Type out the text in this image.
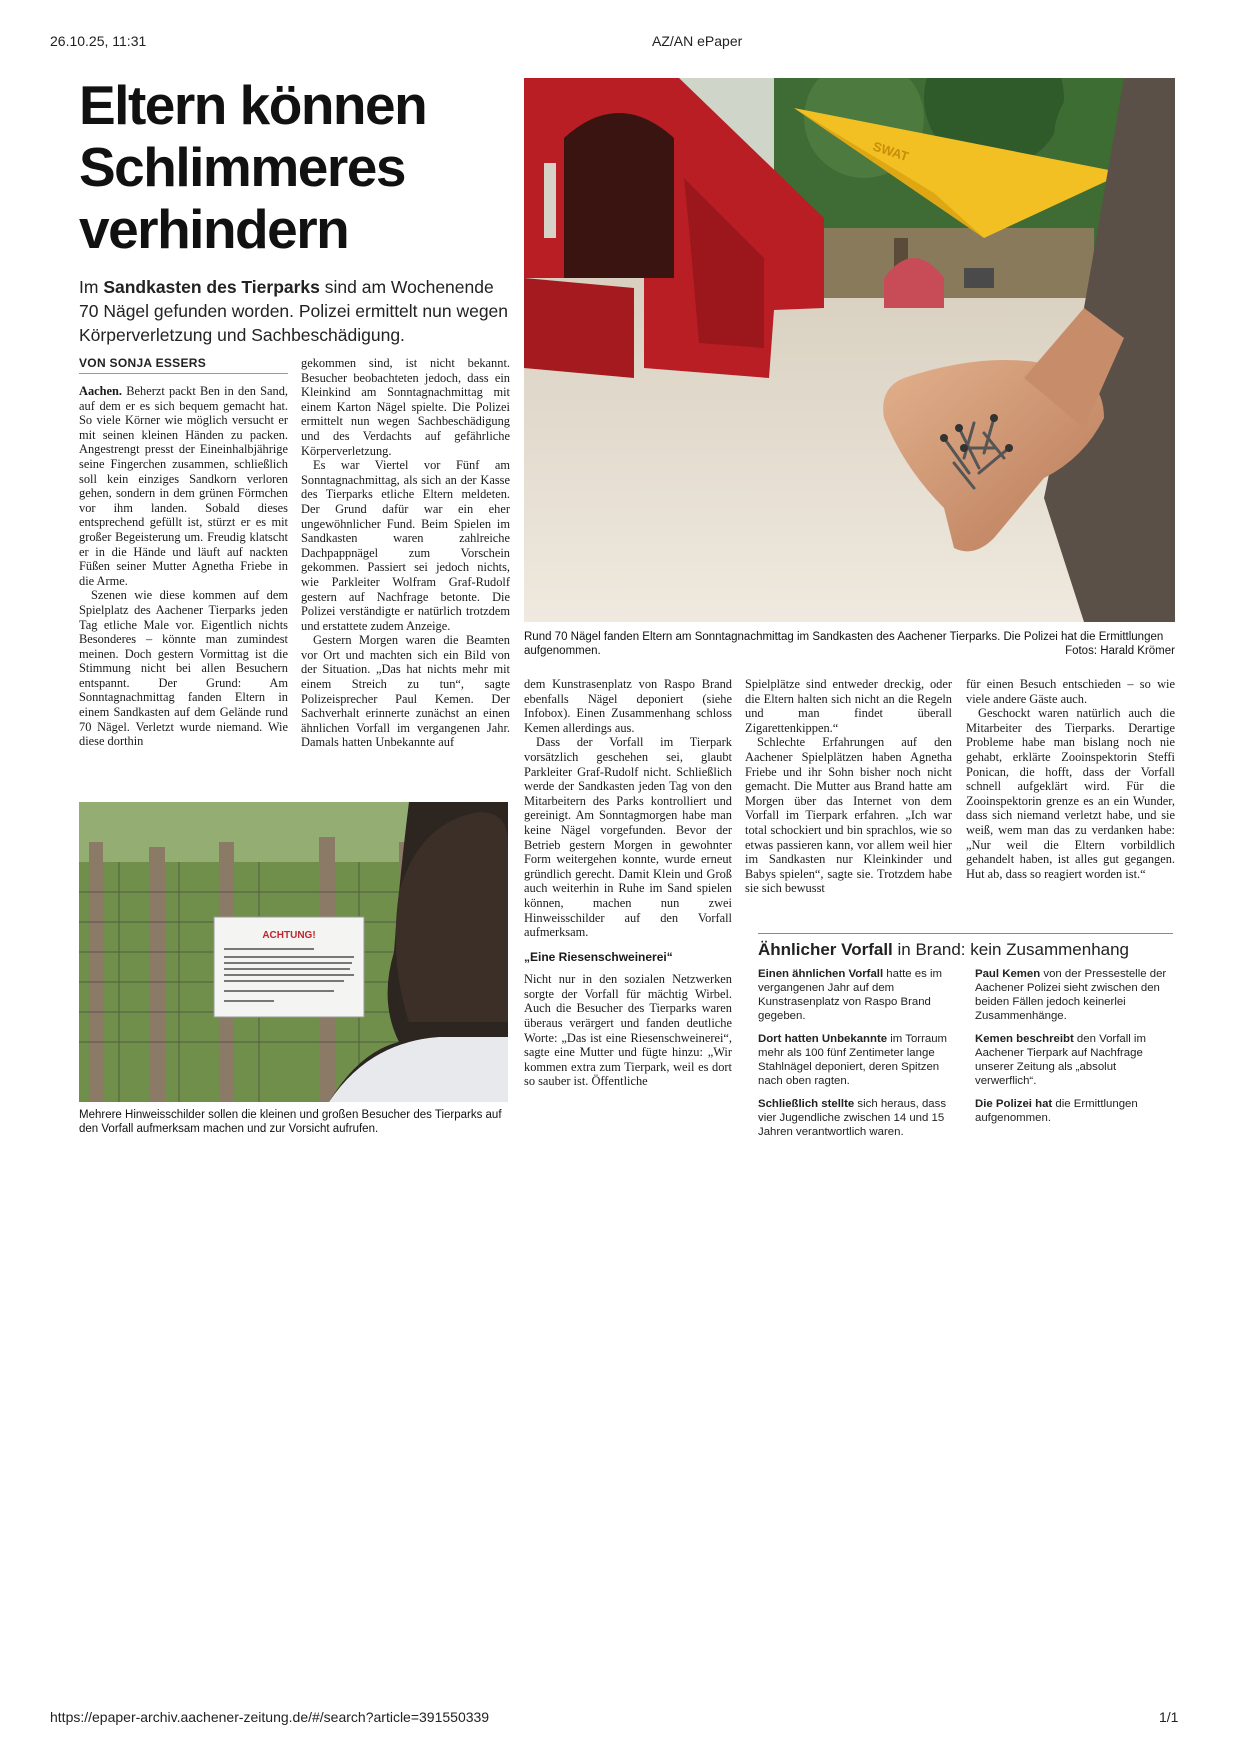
26.10.25, 11:31	AZ/AN ePaper
https://epaper-archiv.aachener-zeitung.de/#/search?article=391550339	1/1
Eltern können Schlimmeres verhindern

Im Sandkasten des Tierparks sind am Wochenende 70 Nägel gefunden worden. Polizei ermittelt nun wegen Körperverletzung und Sachbeschädigung.

VON SONJA ESSERS

Aachen. Beherzt packt Ben in den Sand, auf dem er es sich bequem gemacht hat. So viele Körner wie möglich versucht er mit seinen kleinen Händen zu packen. Angestrengt presst der Eineinhalbjährige seine Fingerchen zusammen, schließlich soll kein einziges Sandkorn verloren gehen, sondern in dem grünen Förmchen vor ihm landen. Sobald dieses entsprechend gefüllt ist, stürzt er es mit großer Begeisterung um. Freudig klatscht er in die Hände und läuft auf nackten Füßen seiner Mutter Agnetha Friebe in die Arme.

Szenen wie diese kommen auf dem Spielplatz des Aachener Tierparks jeden Tag etliche Male vor. Eigentlich nichts Besonderes – könnte man zumindest meinen. Doch gestern Vormittag ist die Stimmung nicht bei allen Besuchern entspannt. Der Grund: Am Sonntagnachmittag fanden Eltern in einem Sandkasten auf dem Gelände rund 70 Nägel. Verletzt wurde niemand. Wie diese dorthin

gekommen sind, ist nicht bekannt. Besucher beobachteten jedoch, dass ein Kleinkind am Sonntagnachmittag mit einem Karton Nägel spielte. Die Polizei ermittelt nun wegen Sachbeschädigung und des Verdachts auf gefährliche Körperverletzung.

Es war Viertel vor Fünf am Sonntagnachmittag, als sich an der Kasse des Tierparks etliche Eltern meldeten. Der Grund dafür war ein eher ungewöhnlicher Fund. Beim Spielen im Sandkasten waren zahlreiche Dachpappnägel zum Vorschein gekommen. Passiert sei jedoch nichts, wie Parkleiter Wolfram Graf-Rudolf gestern auf Nachfrage betonte. Die Polizei verständigte er natürlich trotzdem und erstattete zudem Anzeige.

Gestern Morgen waren die Beamten vor Ort und machten sich ein Bild von der Situation. „Das hat nichts mehr mit einem Streich zu tun“, sagte Polizeisprecher Paul Kemen. Der Sachverhalt erinnerte zunächst an einen ähnlichen Vorfall im vergangenen Jahr. Damals hatten Unbekannte auf

SWAT
Rund 70 Nägel fanden Eltern am Sonntagnachmittag im Sandkasten des Aachener Tierparks. Die Polizei hat die Ermittlungen aufgenommen.	Fotos: Harald Krömer
ACHTUNG!
Mehrere Hinweisschilder sollen die kleinen und großen Besucher des Tierparks auf den Vorfall aufmerksam machen und zur Vorsicht aufrufen.

dem Kunstrasenplatz von Raspo Brand ebenfalls Nägel deponiert (siehe Infobox). Einen Zusammenhang schloss Kemen allerdings aus.

Dass der Vorfall im Tierpark vorsätzlich geschehen sei, glaubt Parkleiter Graf-Rudolf nicht. Schließlich werde der Sandkasten jeden Tag von den Mitarbeitern des Parks kontrolliert und gereinigt. Am Sonntagmorgen habe man keine Nägel vorgefunden. Bevor der Betrieb gestern Morgen in gewohnter Form weitergehen konnte, wurde erneut gründlich gerecht. Damit Klein und Groß auch weiterhin in Ruhe im Sand spielen können, machen nun zwei Hinweisschilder auf den Vorfall aufmerksam.

„Eine Riesenschweinerei“

Nicht nur in den sozialen Netzwerken sorgte der Vorfall für mächtig Wirbel. Auch die Besucher des Tierparks waren überaus verärgert und fanden deutliche Worte: „Das ist eine Riesenschweinerei“, sagte eine Mutter und fügte hinzu: „Wir kommen extra zum Tierpark, weil es dort so sauber ist. Öffentliche

Spielplätze sind entweder dreckig, oder die Eltern halten sich nicht an die Regeln und man findet überall Zigarettenkippen.“

Schlechte Erfahrungen auf den Aachener Spielplätzen haben Agnetha Friebe und ihr Sohn bisher noch nicht gemacht. Die Mutter aus Brand hatte am Morgen über das Internet von dem Vorfall im Tierpark erfahren. „Ich war total schockiert und bin sprachlos, wie so etwas passieren kann, vor allem weil hier im Sandkasten nur Kleinkinder und Babys spielen“, sagte sie. Trotzdem habe sie sich bewusst

für einen Besuch entschieden – so wie viele andere Gäste auch.

Geschockt waren natürlich auch die Mitarbeiter des Tierparks. Derartige Probleme habe man bislang noch nie gehabt, erklärte Zooinspektorin Steffi Ponican, die hofft, dass der Vorfall schnell aufgeklärt wird. Für die Zooinspektorin grenze es an ein Wunder, dass sich niemand verletzt habe, und sie weiß, wem man das zu verdanken habe: „Nur weil die Eltern vorbildlich gehandelt haben, ist alles gut gegangen. Hut ab, dass so reagiert worden ist.“

Ähnlicher Vorfall in Brand: kein Zusammenhang

Einen ähnlichen Vorfall hatte es im vergangenen Jahr auf dem Kunstrasenplatz von Raspo Brand gegeben.

Dort hatten Unbekannte im Torraum mehr als 100 fünf Zentimeter lange Stahlnägel deponiert, deren Spitzen nach oben ragten.

Schließlich stellte sich heraus, dass vier Jugendliche zwischen 14 und 15 Jahren verantwortlich waren.

Paul Kemen von der Pressestelle der Aachener Polizei sieht zwischen den beiden Fällen jedoch keinerlei Zusammenhänge.

Kemen beschreibt den Vorfall im Aachener Tierpark auf Nachfrage unserer Zeitung als „absolut verwerflich“.

Die Polizei hat die Ermittlungen aufgenommen.
